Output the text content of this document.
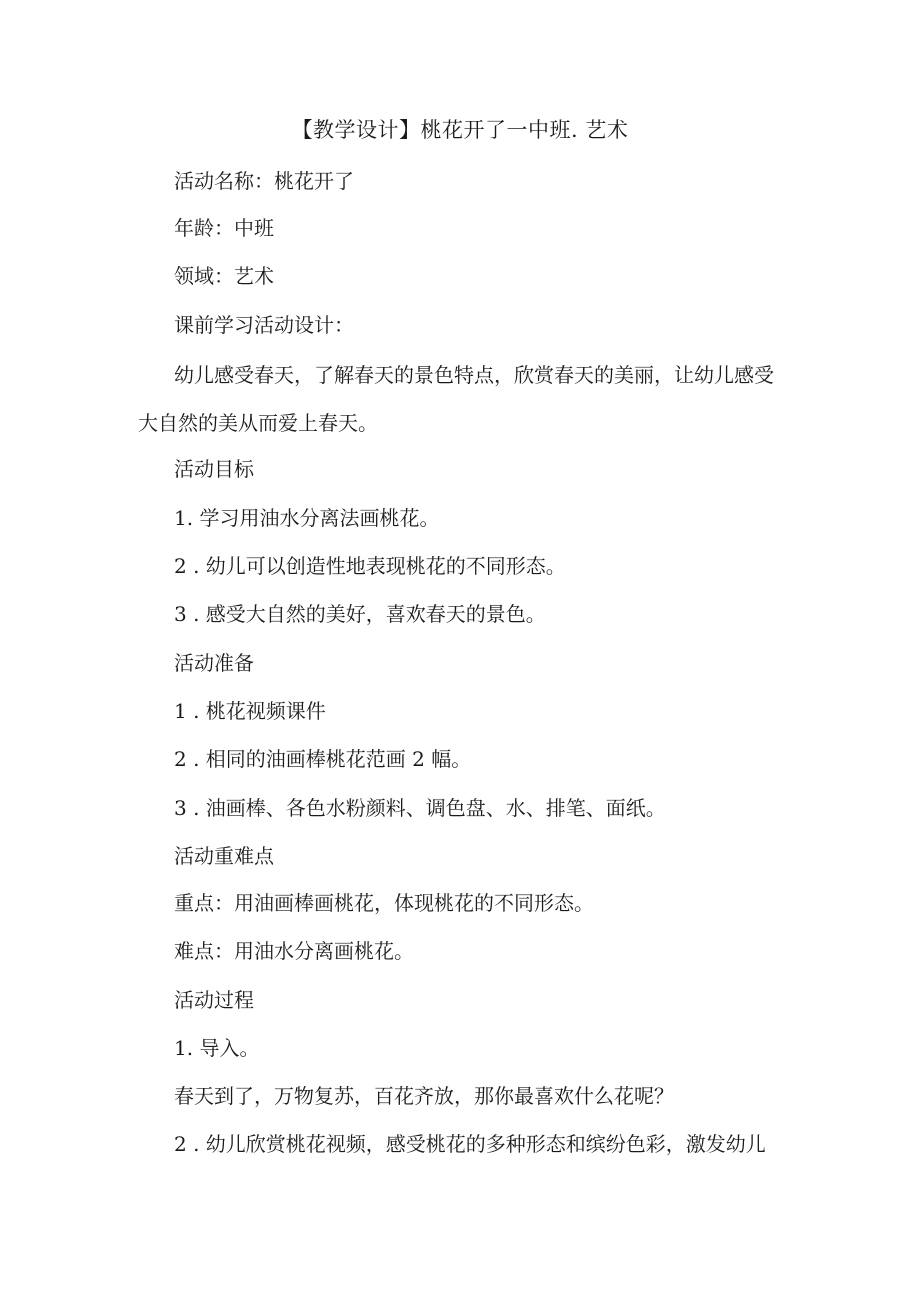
【教学设计】桃花开了一中班. 艺术
活动名称：桃花开了
年龄：中班
领域：艺术
课前学习活动设计：
幼儿感受春天，了解春天的景色特点，欣赏春天的美丽，让幼儿感受大自然的美从而爱上春天。
活动目标
1. 学习用油水分离法画桃花。
2 . 幼儿可以创造性地表现桃花的不同形态。
3 . 感受大自然的美好，喜欢春天的景色。
活动准备
1 . 桃花视频课件
2 . 相同的油画棒桃花范画 2 幅。
3 . 油画棒、各色水粉颜料、调色盘、水、排笔、面纸。
活动重难点
重点：用油画棒画桃花，体现桃花的不同形态。
难点：用油水分离画桃花。
活动过程
1. 导入。
春天到了，万物复苏，百花齐放，那你最喜欢什么花呢？
2 . 幼儿欣赏桃花视频，感受桃花的多种形态和缤纷色彩，激发幼儿
